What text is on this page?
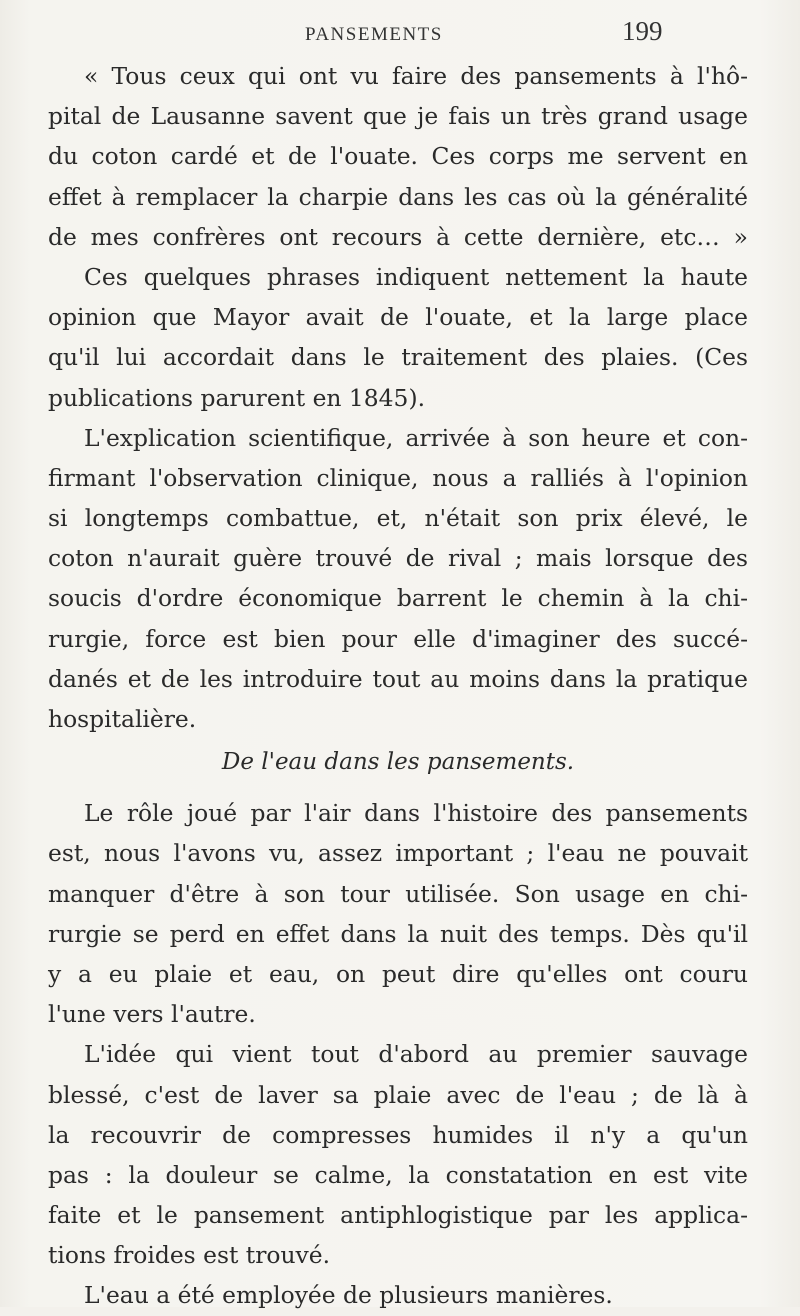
PANSEMENTS	199
« Tous ceux qui ont vu faire des pansements à l'hô-
pital de Lausanne savent que je fais un très grand usage
du coton cardé et de l'ouate. Ces corps me servent en
effet à remplacer la charpie dans les cas où la généralité
de mes confrères ont recours à cette dernière, etc… »
Ces quelques phrases indiquent nettement la haute
opinion que Mayor avait de l'ouate, et la large place
qu'il lui accordait dans le traitement des plaies. (Ces
publications parurent en 1845).
L'explication scientifique, arrivée à son heure et con-
firmant l'observation clinique, nous a ralliés à l'opinion
si longtemps combattue, et, n'était son prix élevé, le
coton n'aurait guère trouvé de rival ; mais lorsque des
soucis d'ordre économique barrent le chemin à la chi-
rurgie, force est bien pour elle d'imaginer des succé-
danés et de les introduire tout au moins dans la pratique
hospitalière.
De l'eau dans les pansements.
Le rôle joué par l'air dans l'histoire des pansements
est, nous l'avons vu, assez important ; l'eau ne pouvait
manquer d'être à son tour utilisée. Son usage en chi-
rurgie se perd en effet dans la nuit des temps. Dès qu'il
y a eu plaie et eau, on peut dire qu'elles ont couru
l'une vers l'autre.
L'idée qui vient tout d'abord au premier sauvage
blessé, c'est de laver sa plaie avec de l'eau ; de là à
la recouvrir de compresses humides il n'y a qu'un
pas : la douleur se calme, la constatation en est vite
faite et le pansement antiphlogistique par les applica-
tions froides est trouvé.
L'eau a été employée de plusieurs manières.
